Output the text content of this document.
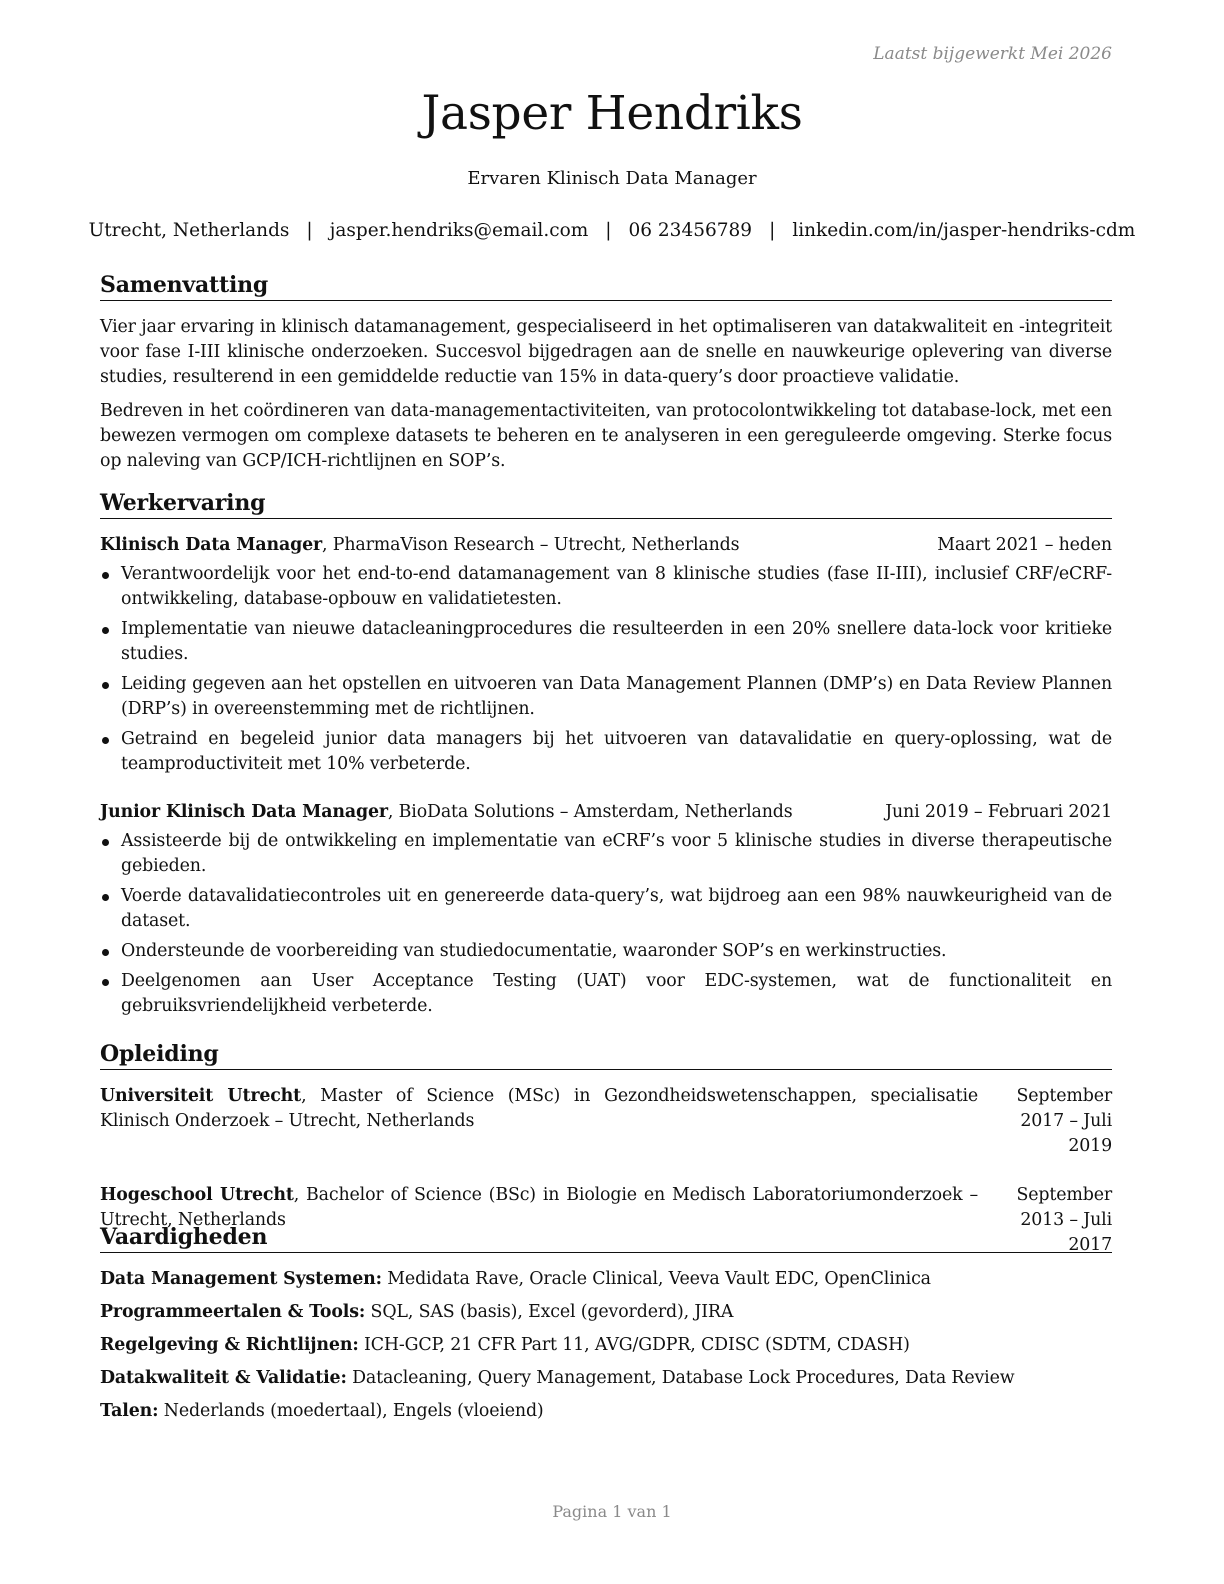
Laatst bijgewerkt Mei 2026
Jasper Hendriks
Ervaren Klinisch Data Manager
Utrecht, Netherlands | jasper.hendriks@email.com | 06 23456789 | linkedin.com/in/jasper-hendriks-cdm
Samenvatting

Vier jaar ervaring in klinisch datamanagement, gespecialiseerd in het optimaliseren van datakwaliteit en -integriteit voor fase I-III klinische onderzoeken. Succesvol bijgedragen aan de snelle en nauwkeurige oplevering van diverse studies, resulterend in een gemiddelde reductie van 15% in data-query’s door proactieve validatie.

Bedreven in het coördineren van data-managementactiviteiten, van protocolontwikkeling tot database-lock, met een bewezen vermogen om complexe datasets te beheren en te analyseren in een gereguleerde omgeving. Sterke focus op naleving van GCP/ICH-richtlijnen en SOP’s.

Werkervaring
Klinisch Data Manager, PharmaVison Research – Utrecht, Netherlands	Maart 2021 – heden
Verantwoordelijk voor het end-to-end datamanagement van 8 klinische studies (fase II-III), inclusief CRF/eCRF-ontwikkeling, database-opbouw en validatietesten.
Implementatie van nieuwe datacleaningprocedures die resulteerden in een 20% snellere data-lock voor kritieke studies.
Leiding gegeven aan het opstellen en uitvoeren van Data Management Plannen (DMP’s) en Data Review Plannen (DRP’s) in overeenstemming met de richtlijnen.
Getraind en begeleid junior data managers bij het uitvoeren van datavalidatie en query-oplossing, wat de teamproductiviteit met 10% verbeterde.
Junior Klinisch Data Manager, BioData Solutions – Amsterdam, Netherlands	Juni 2019 – Februari 2021
Assisteerde bij de ontwikkeling en implementatie van eCRF’s voor 5 klinische studies in diverse therapeutische gebieden.
Voerde datavalidatiecontroles uit en genereerde data-query’s, wat bijdroeg aan een 98% nauwkeurigheid van de dataset.
Ondersteunde de voorbereiding van studiedocumentatie, waaronder SOP’s en werkinstructies.
Deelgenomen aan User Acceptance Testing (UAT) voor EDC-systemen, wat de functionaliteit en gebruiksvriendelijkheid verbeterde.
Opleiding
Universiteit Utrecht, Master of Science (MSc) in Gezondheidswetenschappen, specialisatie Klinisch Onderzoek – Utrecht, Netherlands
September 2017 – Juli 2019
Hogeschool Utrecht, Bachelor of Science (BSc) in Biologie en Medisch Laboratoriumonderzoek – Utrecht, Netherlands
September 2013 – Juli 2017
Vaardigheden
Data Management Systemen: Medidata Rave, Oracle Clinical, Veeva Vault EDC, OpenClinica
Programmeertalen & Tools: SQL, SAS (basis), Excel (gevorderd), JIRA
Regelgeving & Richtlijnen: ICH-GCP, 21 CFR Part 11, AVG/GDPR, CDISC (SDTM, CDASH)
Datakwaliteit & Validatie: Datacleaning, Query Management, Database Lock Procedures, Data Review
Talen: Nederlands (moedertaal), Engels (vloeiend)
Pagina 1 van 1
